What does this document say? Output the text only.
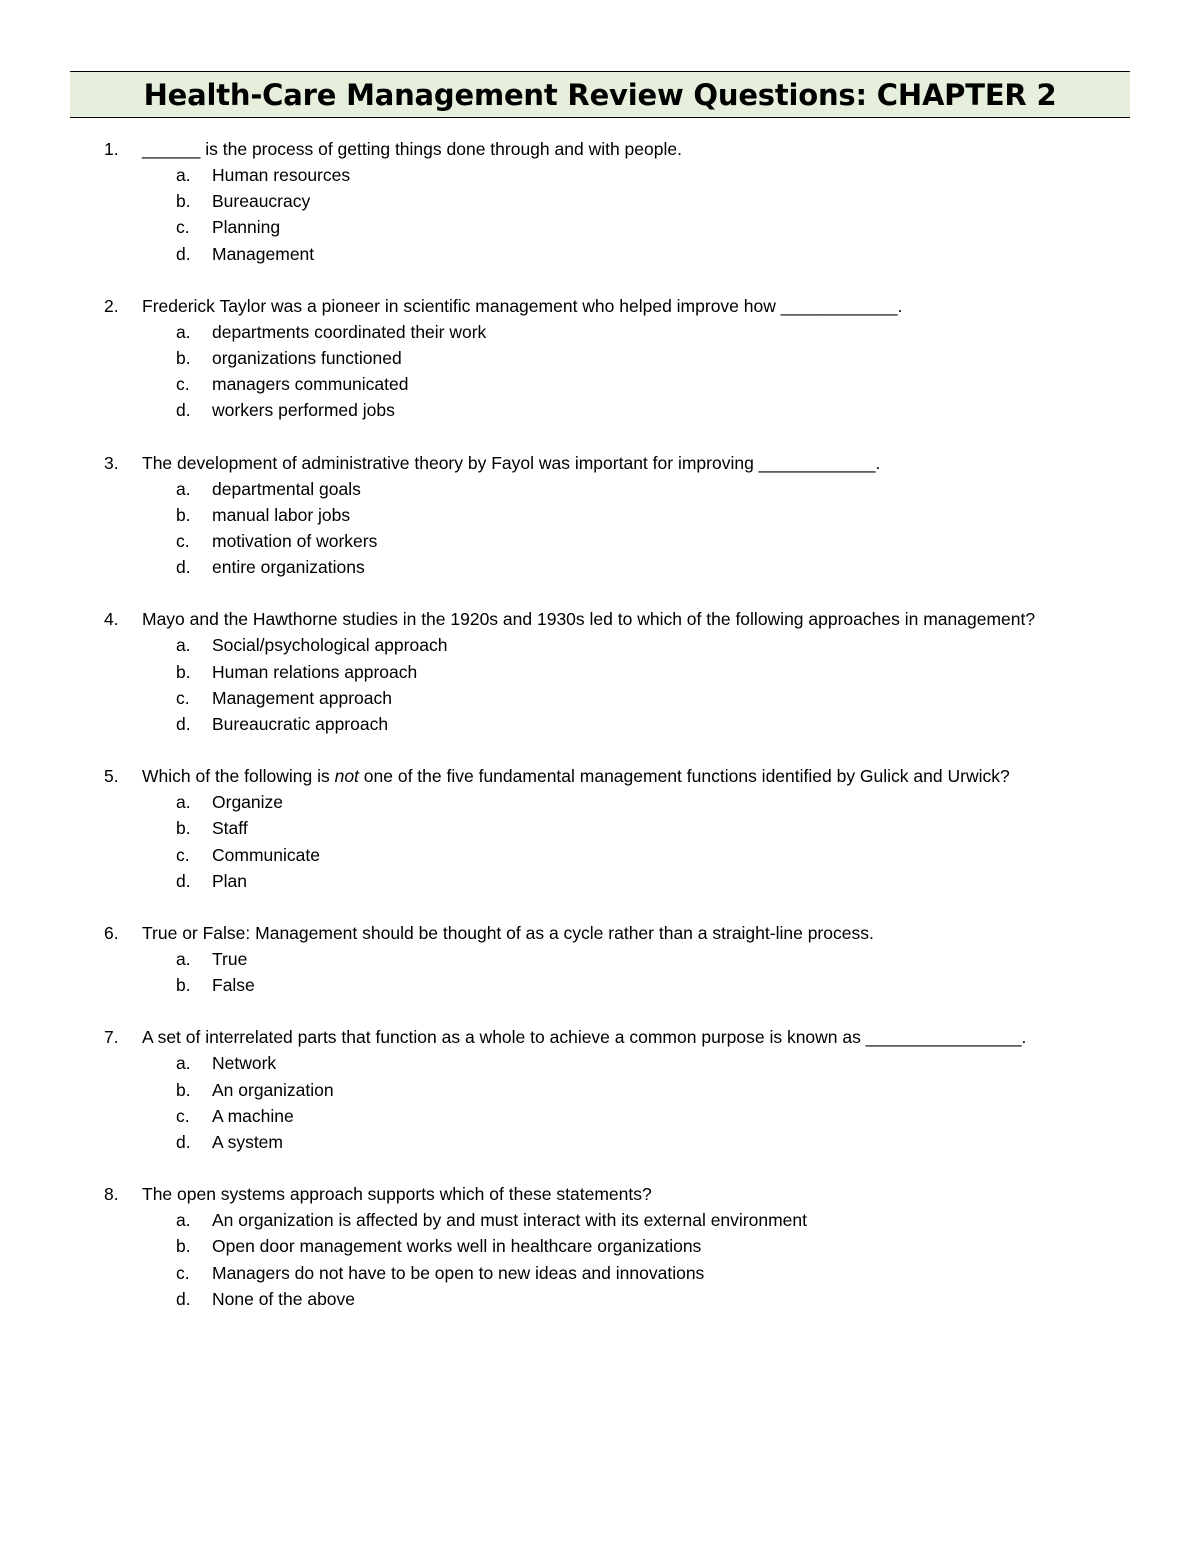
Health-Care Management Review Questions: CHAPTER 2
1. ______ is the process of getting things done through and with people.
a. Human resources
b. Bureaucracy
c. Planning
d. Management
2. Frederick Taylor was a pioneer in scientific management who helped improve how ____________.
a. departments coordinated their work
b. organizations functioned
c. managers communicated
d. workers performed jobs
3. The development of administrative theory by Fayol was important for improving ____________.
a. departmental goals
b. manual labor jobs
c. motivation of workers
d. entire organizations
4. Mayo and the Hawthorne studies in the 1920s and 1930s led to which of the following approaches in management?
a. Social/psychological approach
b. Human relations approach
c. Management approach
d. Bureaucratic approach
5. Which of the following is not one of the five fundamental management functions identified by Gulick and Urwick?
a. Organize
b. Staff
c. Communicate
d. Plan
6. True or False: Management should be thought of as a cycle rather than a straight-line process.
a. True
b. False
7. A set of interrelated parts that function as a whole to achieve a common purpose is known as ________________.
a. Network
b. An organization
c. A machine
d. A system
8. The open systems approach supports which of these statements?
a. An organization is affected by and must interact with its external environment
b. Open door management works well in healthcare organizations
c. Managers do not have to be open to new ideas and innovations
d. None of the above
